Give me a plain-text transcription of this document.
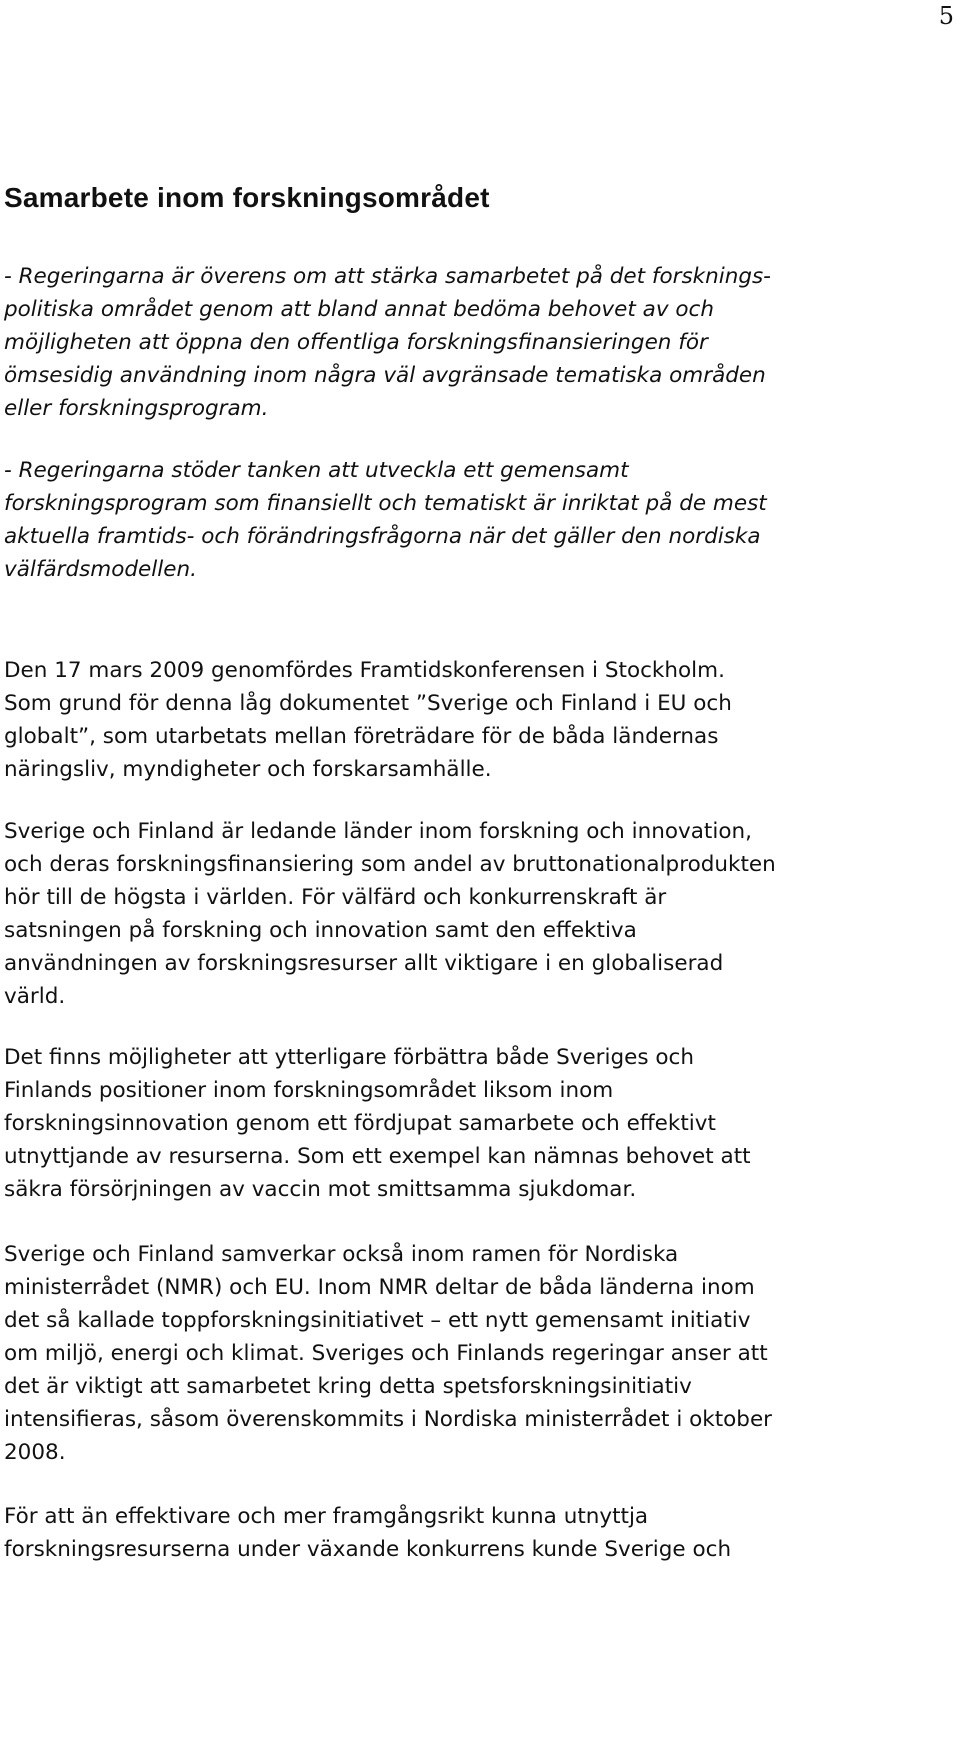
5
Samarbete inom forskningsområdet

- Regeringarna är överens om att stärka samarbetet på det forsknings-
politiska området genom att bland annat bedöma behovet av och
möjligheten att öppna den offentliga forskningsfinansieringen för
ömsesidig användning inom några väl avgränsade tematiska områden
eller forskningsprogram.

- Regeringarna stöder tanken att utveckla ett gemensamt
forskningsprogram som finansiellt och tematiskt är inriktat på de mest
aktuella framtids- och förändringsfrågorna när det gäller den nordiska
välfärdsmodellen.

Den 17 mars 2009 genomfördes Framtidskonferensen i Stockholm.
Som grund för denna låg dokumentet ”Sverige och Finland i EU och
globalt”, som utarbetats mellan företrädare för de båda ländernas
näringsliv, myndigheter och forskarsamhälle.

Sverige och Finland är ledande länder inom forskning och innovation,
och deras forskningsfinansiering som andel av bruttonationalprodukten
hör till de högsta i världen. För välfärd och konkurrenskraft är
satsningen på forskning och innovation samt den effektiva
användningen av forskningsresurser allt viktigare i en globaliserad
värld.

Det finns möjligheter att ytterligare förbättra både Sveriges och
Finlands positioner inom forskningsområdet liksom inom
forskningsinnovation genom ett fördjupat samarbete och effektivt
utnyttjande av resurserna. Som ett exempel kan nämnas behovet att
säkra försörjningen av vaccin mot smittsamma sjukdomar.

Sverige och Finland samverkar också inom ramen för Nordiska
ministerrådet (NMR) och EU. Inom NMR deltar de båda länderna inom
det så kallade toppforskningsinitiativet – ett nytt gemensamt initiativ
om miljö, energi och klimat. Sveriges och Finlands regeringar anser att
det är viktigt att samarbetet kring detta spetsforskningsinitiativ
intensifieras, såsom överenskommits i Nordiska ministerrådet i oktober
2008.

För att än effektivare och mer framgångsrikt kunna utnyttja
forskningsresurserna under växande konkurrens kunde Sverige och
